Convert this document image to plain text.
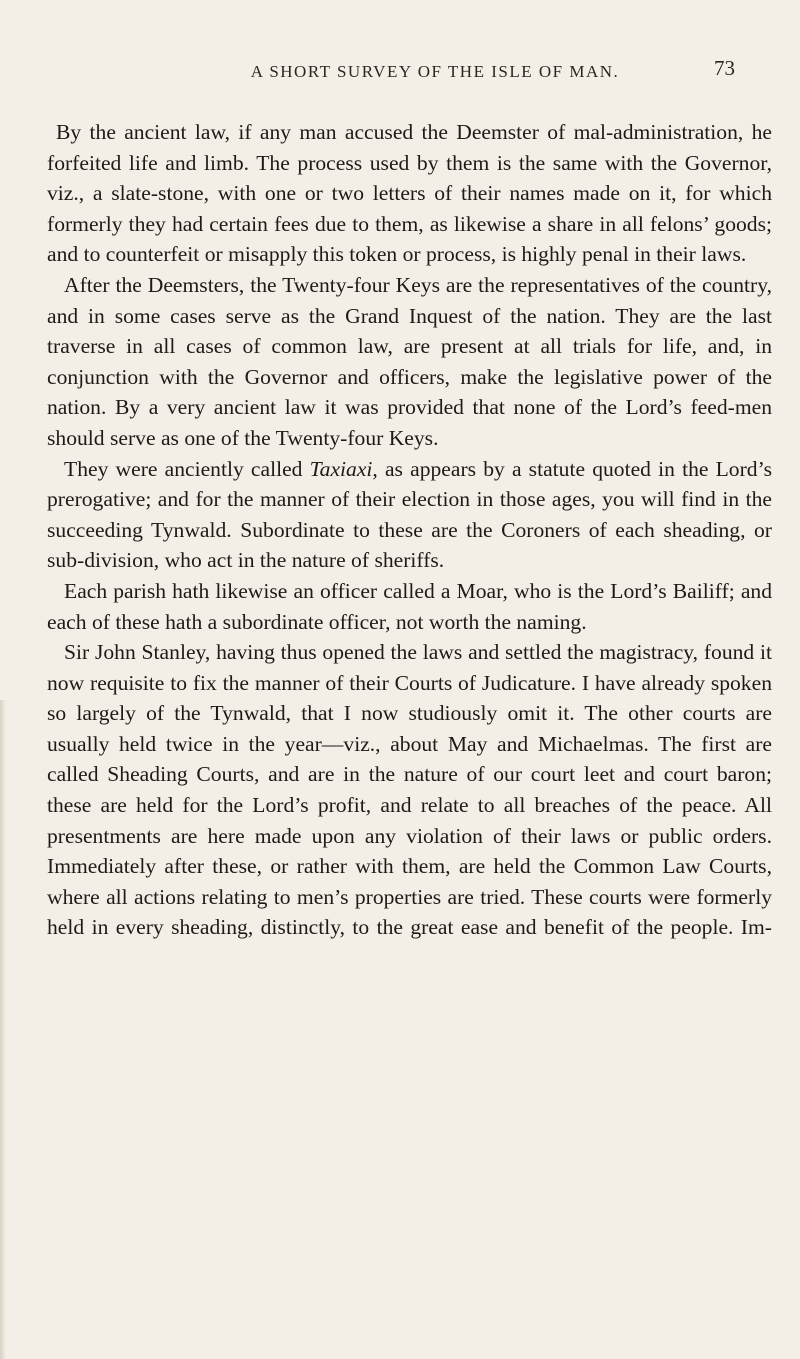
A SHORT SURVEY OF THE ISLE OF MAN.	73

By the ancient law, if any man accused the Deemster of mal-administration, he forfeited life and limb. The process used by them is the same with the Governor, viz., a slate-stone, with one or two letters of their names made on it, for which formerly they had certain fees due to them, as likewise a share in all felons’ goods; and to counterfeit or misapply this token or process, is highly penal in their laws.

After the Deemsters, the Twenty-four Keys are the representatives of the country, and in some cases serve as the Grand Inquest of the nation. They are the last traverse in all cases of common law, are present at all trials for life, and, in conjunction with the Governor and officers, make the legislative power of the nation. By a very ancient law it was provided that none of the Lord’s feed-men should serve as one of the Twenty-four Keys.

They were anciently called Taxiaxi, as appears by a statute quoted in the Lord’s prerogative; and for the manner of their election in those ages, you will find in the succeeding Tynwald. Subordinate to these are the Coroners of each sheading, or sub-division, who act in the nature of sheriffs.

Each parish hath likewise an officer called a Moar, who is the Lord’s Bailiff; and each of these hath a subordinate officer, not worth the naming.

Sir John Stanley, having thus opened the laws and settled the magistracy, found it now requisite to fix the manner of their Courts of Judicature. I have already spoken so largely of the Tynwald, that I now studiously omit it. The other courts are usually held twice in the year—viz., about May and Michaelmas. The first are called Sheading Courts, and are in the nature of our court leet and court baron; these are held for the Lord’s profit, and relate to all breaches of the peace. All presentments are here made upon any violation of their laws or public orders. Immediately after these, or rather with them, are held the Common Law Courts, where all actions relating to men’s properties are tried. These courts were formerly held in every sheading, distinctly, to the great ease and benefit of the people. Im-
